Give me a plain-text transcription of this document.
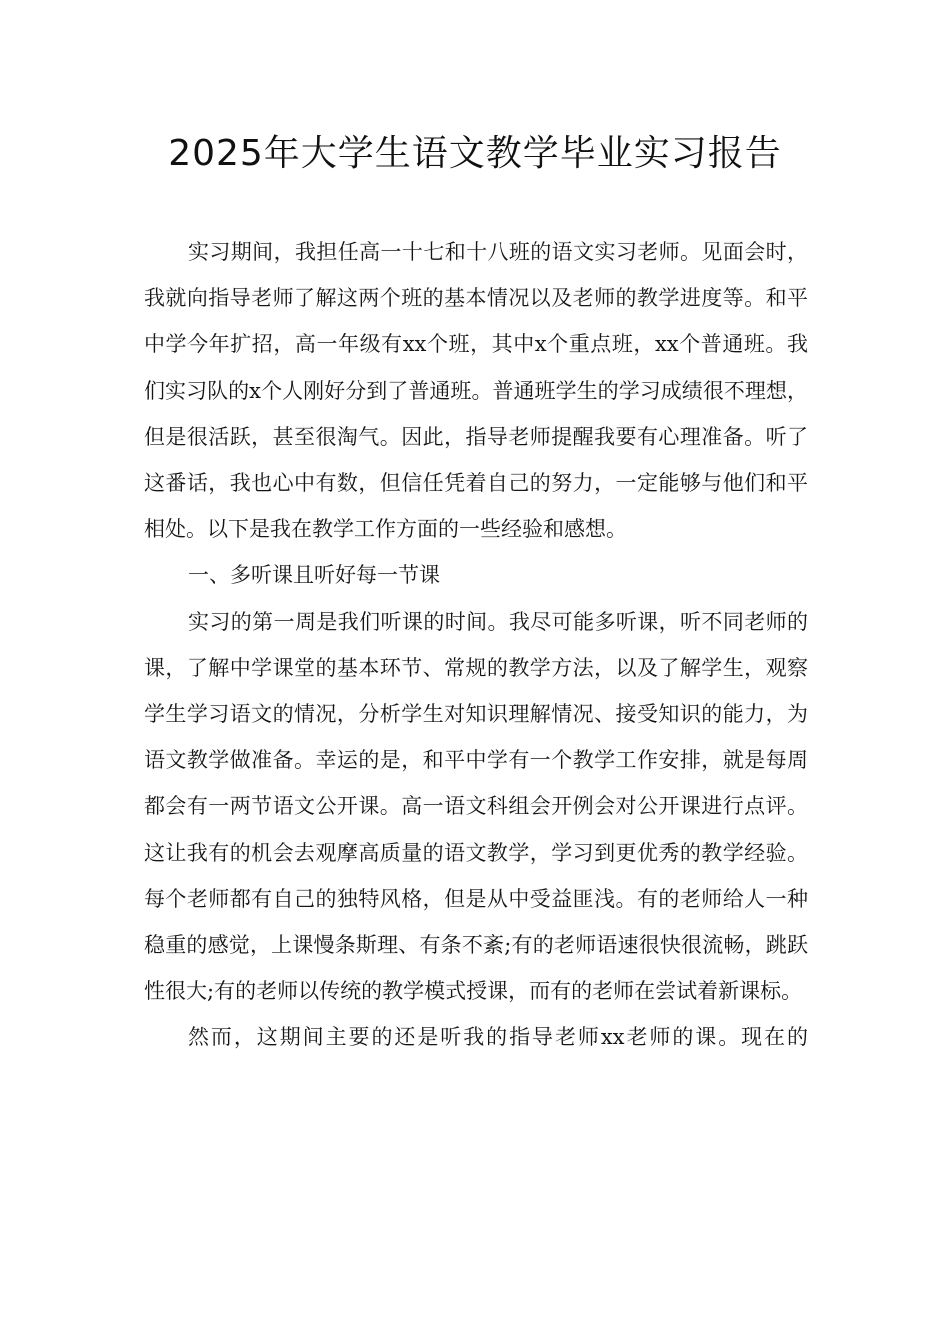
2025年大学生语文教学毕业实习报告

实习期间，我担任高一十七和十八班的语文实习老师。见面会时，我就向指导老师了解这两个班的基本情况以及老师的教学进度等。和平中学今年扩招，高一年级有xx个班，其中x个重点班，xx个普通班。我们实习队的x个人刚好分到了普通班。普通班学生的学习成绩很不理想，但是很活跃，甚至很淘气。因此，指导老师提醒我要有心理准备。听了这番话，我也心中有数，但信任凭着自己的努力，一定能够与他们和平相处。以下是我在教学工作方面的一些经验和感想。

一、多听课且听好每一节课

实习的第一周是我们听课的时间。我尽可能多听课，听不同老师的课，了解中学课堂的基本环节、常规的教学方法，以及了解学生，观察学生学习语文的情况，分析学生对知识理解情况、接受知识的能力，为语文教学做准备。幸运的是，和平中学有一个教学工作安排，就是每周都会有一两节语文公开课。高一语文科组会开例会对公开课进行点评。这让我有的机会去观摩高质量的语文教学，学习到更优秀的教学经验。每个老师都有自己的独特风格，但是从中受益匪浅。有的老师给人一种稳重的感觉，上课慢条斯理、有条不紊;有的老师语速很快很流畅，跳跃性很大;有的老师以传统的教学模式授课，而有的老师在尝试着新课标。

然而，这期间主要的还是听我的指导老师xx老师的课。现在的
